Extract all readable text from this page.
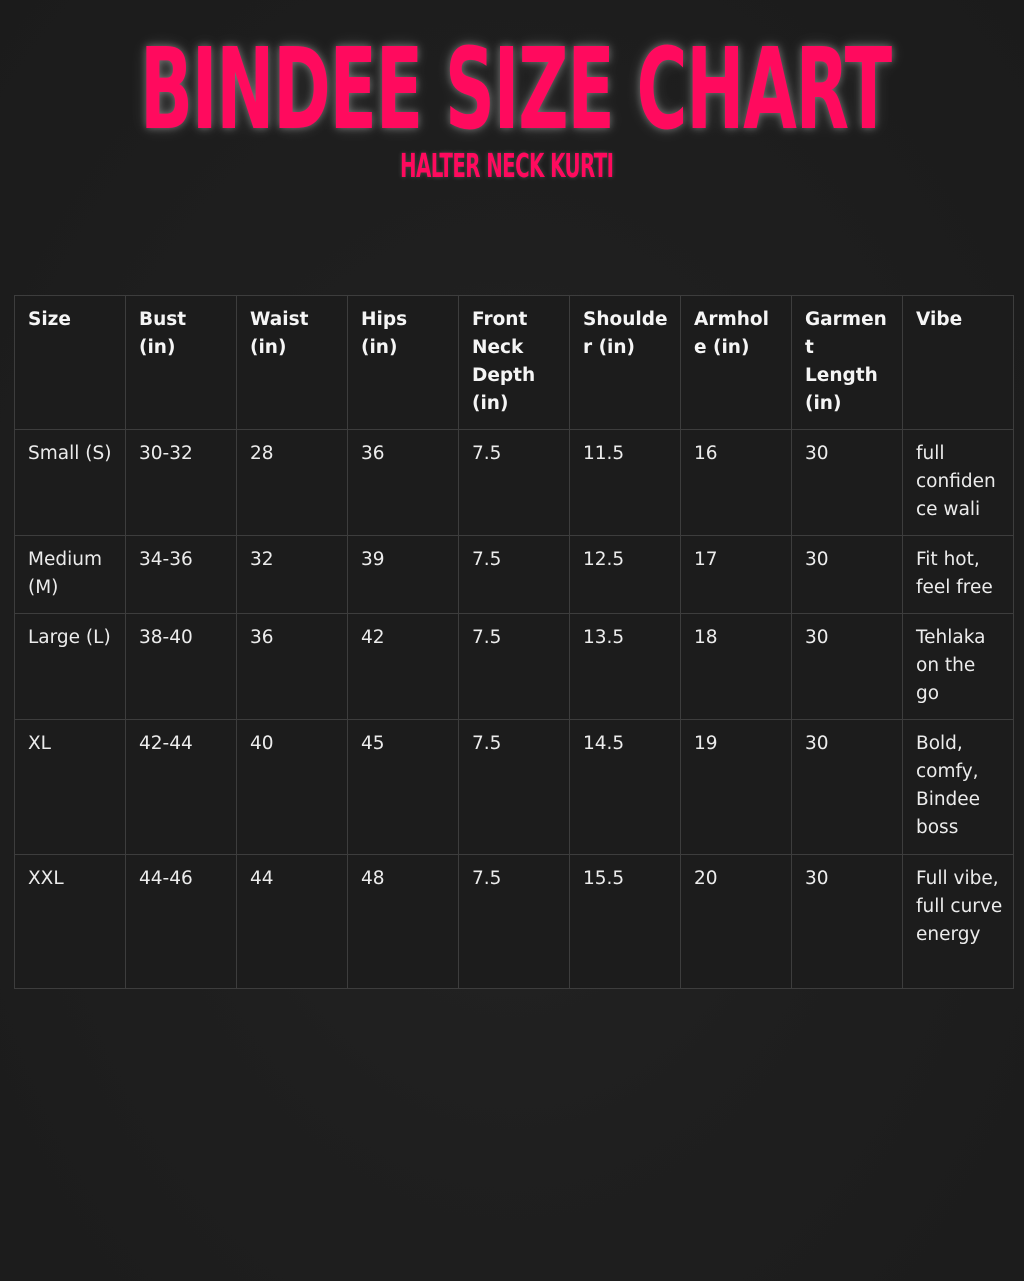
BINDEE SIZE CHART
HALTER NECK KURTI
Size	Bust (in)	Waist (in)	Hips (in)	Front Neck Depth (in)	Shoulder (in)	Armhole (in)	Garment Length (in)	Vibe
Small (S)	30-32	28	36	7.5	11.5	16	30	full confidence wali
Medium (M)	34-36	32	39	7.5	12.5	17	30	Fit hot, feel free
Large (L)	38-40	36	42	7.5	13.5	18	30	Tehlaka on the go
XL	42-44	40	45	7.5	14.5	19	30	Bold, comfy, Bindee boss
XXL	44-46	44	48	7.5	15.5	20	30	Full vibe, full curve energy
